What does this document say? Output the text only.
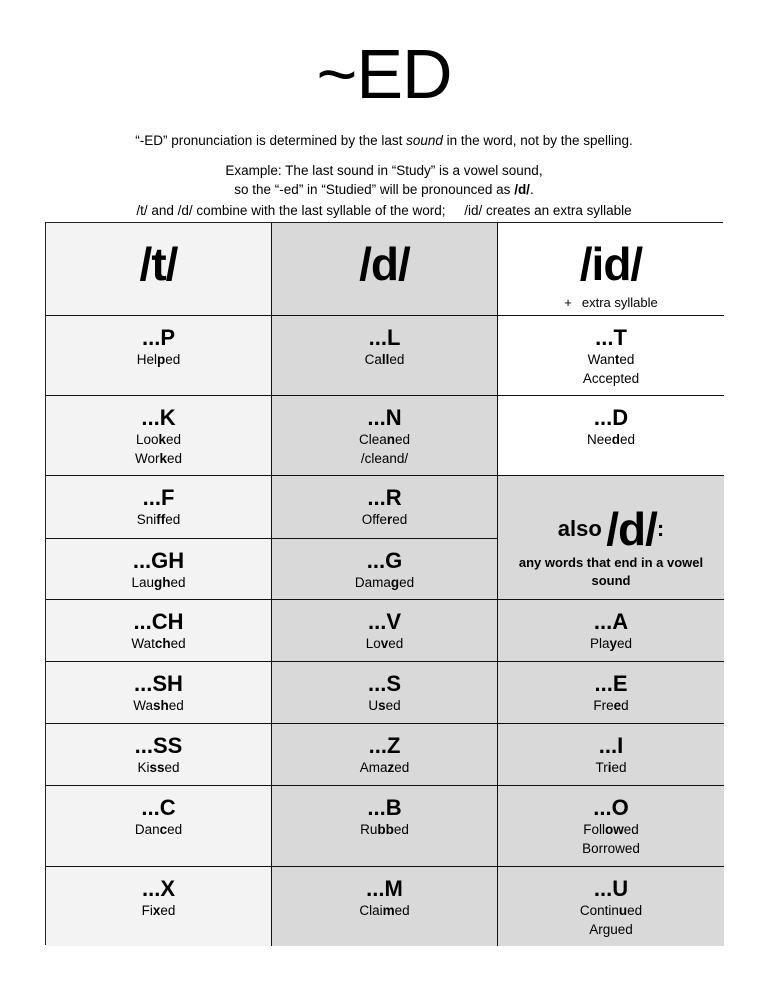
~ED
“-ED” pronunciation is determined by the last sound in the word, not by the spelling.
Example: The last sound in “Study” is a vowel sound,
so the “-ed” in “Studied” will be pronounced as /d/.
/t/ and /d/ combine with the last syllable of the word;     /id/ creates an extra syllable
/t/	/d/	/id/
+ extra syllable
...P
Helped
...K
Looked
Worked
...F
Sniffed
...GH
Laughed
...CH
Watched
...SH
Washed
...SS
Kissed
...C
Danced
...X
Fixed
...L
Called
...N
Cleaned
/cleand/
...R
Offered
...G
Damaged
...V
Loved
...S
Used
...Z
Amazed
...B
Rubbed
...M
Claimed
...T
Wanted
Accepted
...D
Needed
also /d/:
any words that end in a vowel sound
...A
Played
...E
Freed
...I
Tried
...O
Followed
Borrowed
...U
Continued
Argued
